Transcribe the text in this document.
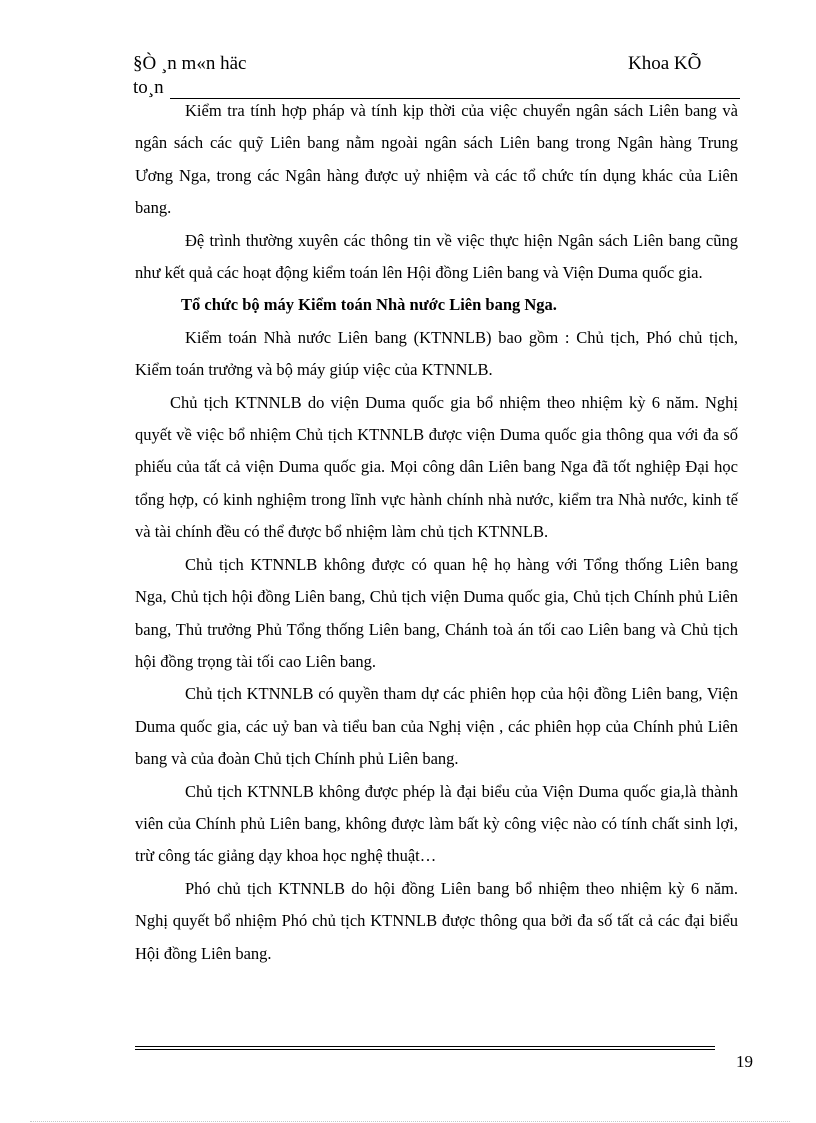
§Ò ¸n m«n häc
to¸n
Khoa KÕ

Kiểm tra tính hợp pháp và tính kịp thời của việc chuyển ngân sách Liên bang và ngân sách các quỹ Liên bang nằm ngoài ngân sách Liên bang trong Ngân hàng Trung Ương Nga, trong các Ngân hàng được uỷ nhiệm và các tổ chức tín dụng khác của Liên bang.

Đệ trình thường xuyên các thông tin về việc thực hiện Ngân sách Liên bang cũng như kết quả các hoạt động kiểm toán lên Hội đồng Liên bang và Viện Duma quốc gia.

Tổ chức bộ máy Kiểm toán Nhà nước Liên bang Nga.

Kiểm toán Nhà nước Liên bang (KTNNLB) bao gồm : Chủ tịch, Phó chủ tịch, Kiểm toán trưởng và bộ máy giúp việc của KTNNLB.

Chủ tịch KTNNLB do viện Duma quốc gia bổ nhiệm theo nhiệm kỳ 6 năm. Nghị quyết về việc bổ nhiệm Chủ tịch KTNNLB được viện Duma quốc gia thông qua với đa số phiếu của tất cả viện Duma quốc gia. Mọi công dân Liên bang Nga đã tốt nghiệp Đại học tổng hợp, có kinh nghiệm trong lĩnh vực hành chính nhà nước, kiểm tra Nhà nước, kinh tế và tài chính đều có thể được bổ nhiệm làm chủ tịch KTNNLB.

Chủ tịch KTNNLB không được có quan hệ họ hàng với Tổng thống Liên bang Nga, Chủ tịch hội đồng Liên bang, Chủ tịch viện Duma quốc gia, Chủ tịch Chính phủ Liên bang, Thủ trưởng Phủ Tổng thống Liên bang, Chánh toà án tối cao Liên bang và Chủ tịch hội đồng trọng tài tối cao Liên bang.

Chủ tịch KTNNLB có quyền tham dự các phiên họp của hội đồng Liên bang, Viện Duma quốc gia, các uỷ ban và tiểu ban của Nghị viện , các phiên họp của Chính phủ Liên bang và của đoàn Chủ tịch Chính phủ Liên bang.

Chủ tịch KTNNLB không được phép là đại biểu của Viện Duma quốc gia,là thành viên của Chính phủ Liên bang, không được làm bất kỳ công việc nào có tính chất sinh lợi, trừ công tác giảng dạy khoa học nghệ thuật…

Phó chủ tịch KTNNLB do hội đồng Liên bang bổ nhiệm theo nhiệm kỳ 6 năm. Nghị quyết bổ nhiệm Phó chủ tịch KTNNLB được thông qua bởi đa số tất cả các đại biểu Hội đồng Liên bang.

19
